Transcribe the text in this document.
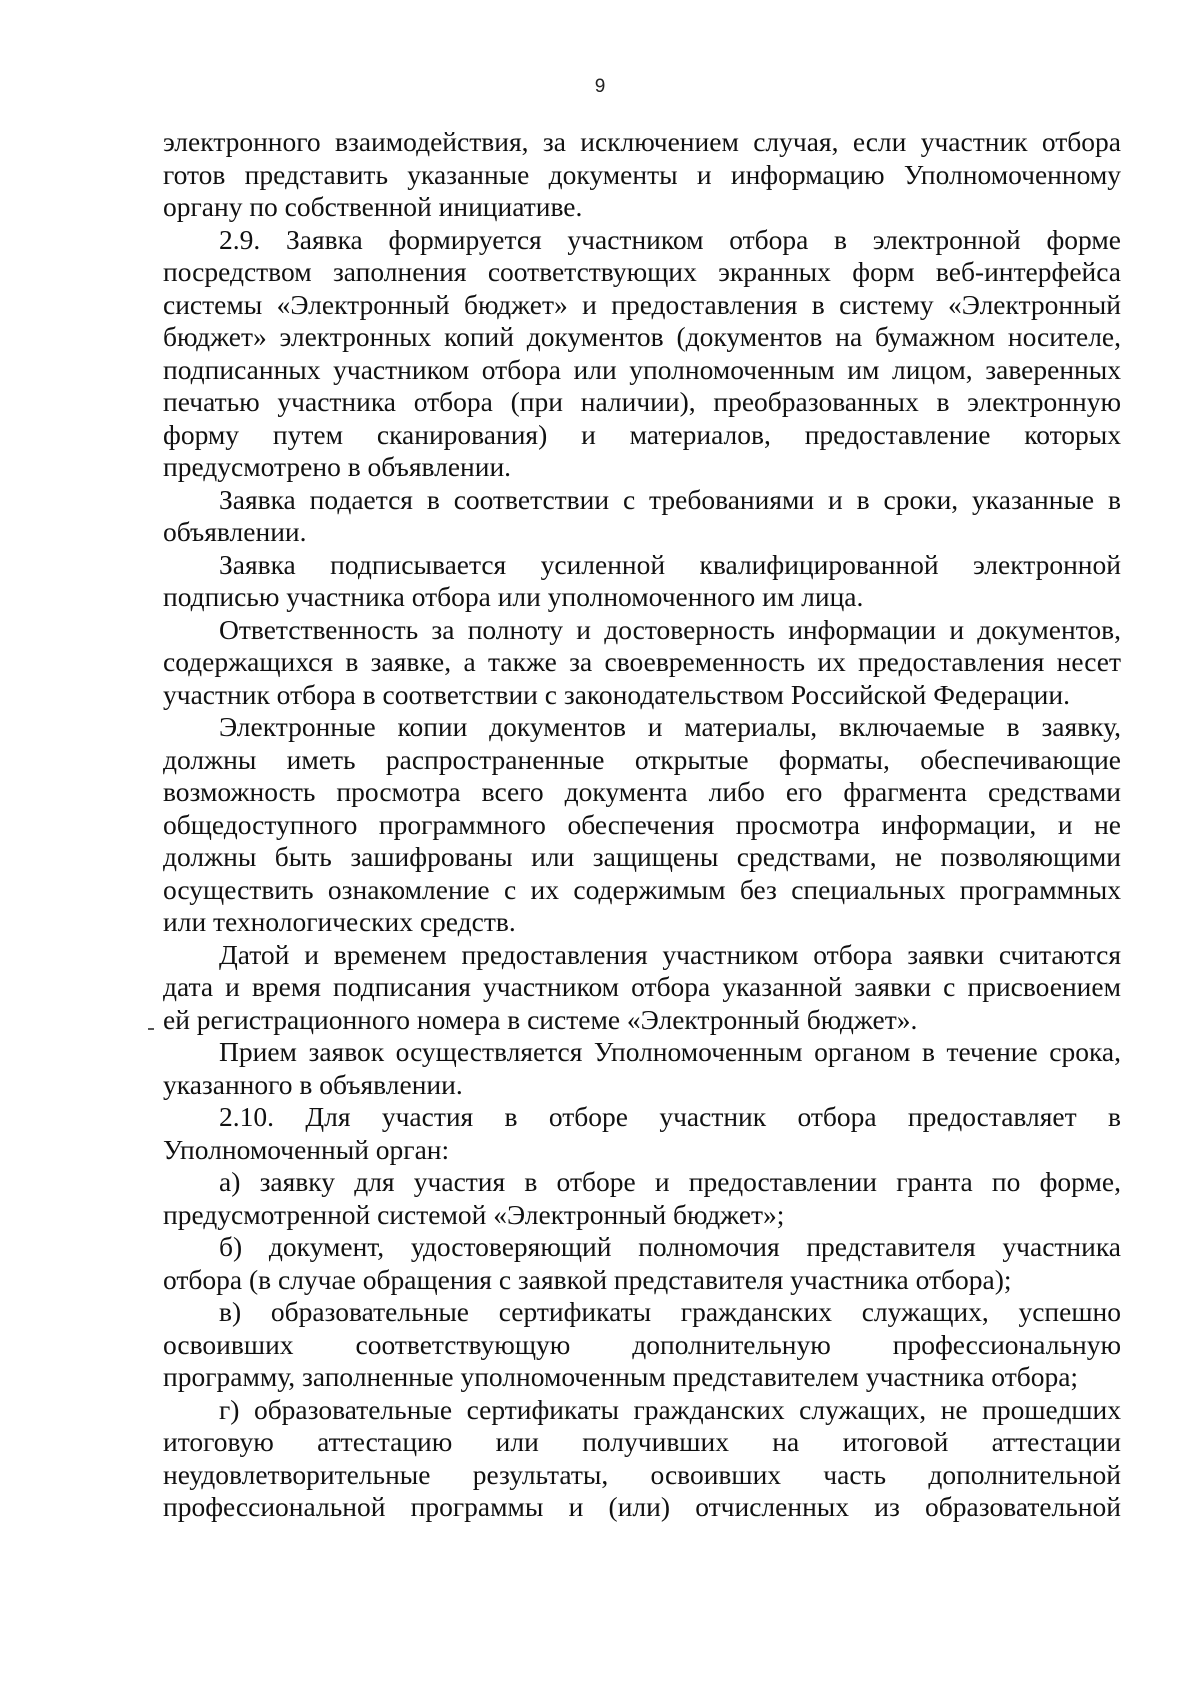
9
электронного взаимодействия, за исключением случая, если участник отбора
готов представить указанные документы и информацию Уполномоченному
органу по собственной инициативе.
2.9. Заявка формируется участником отбора в электронной форме
посредством заполнения соответствующих экранных форм веб-интерфейса
системы «Электронный бюджет» и предоставления в систему «Электронный
бюджет» электронных копий документов (документов на бумажном носителе,
подписанных участником отбора или уполномоченным им лицом, заверенных
печатью участника отбора (при наличии), преобразованных в электронную
форму путем сканирования) и материалов, предоставление которых
предусмотрено в объявлении.
Заявка подается в соответствии с требованиями и в сроки, указанные в
объявлении.
Заявка подписывается усиленной квалифицированной электронной
подписью участника отбора или уполномоченного им лица.
Ответственность за полноту и достоверность информации и документов,
содержащихся в заявке, а также за своевременность их предоставления несет
участник отбора в соответствии с законодательством Российской Федерации.
Электронные копии документов и материалы, включаемые в заявку,
должны иметь распространенные открытые форматы, обеспечивающие
возможность просмотра всего документа либо его фрагмента средствами
общедоступного программного обеспечения просмотра информации, и не
должны быть зашифрованы или защищены средствами, не позволяющими
осуществить ознакомление с их содержимым без специальных программных
или технологических средств.
Датой и временем предоставления участником отбора заявки считаются
дата и время подписания участником отбора указанной заявки с присвоением
ей регистрационного номера в системе «Электронный бюджет».
Прием заявок осуществляется Уполномоченным органом в течение срока,
указанного в объявлении.
2.10. Для участия в отборе участник отбора предоставляет в
Уполномоченный орган:
а) заявку для участия в отборе и предоставлении гранта по форме,
предусмотренной системой «Электронный бюджет»;
б) документ, удостоверяющий полномочия представителя участника
отбора (в случае обращения с заявкой представителя участника отбора);
в) образовательные сертификаты гражданских служащих, успешно
освоивших соответствующую дополнительную профессиональную
программу, заполненные уполномоченным представителем участника отбора;
г) образовательные сертификаты гражданских служащих, не прошедших
итоговую аттестацию или получивших на итоговой аттестации
неудовлетворительные результаты, освоивших часть дополнительной
профессиональной программы и (или) отчисленных из образовательной
